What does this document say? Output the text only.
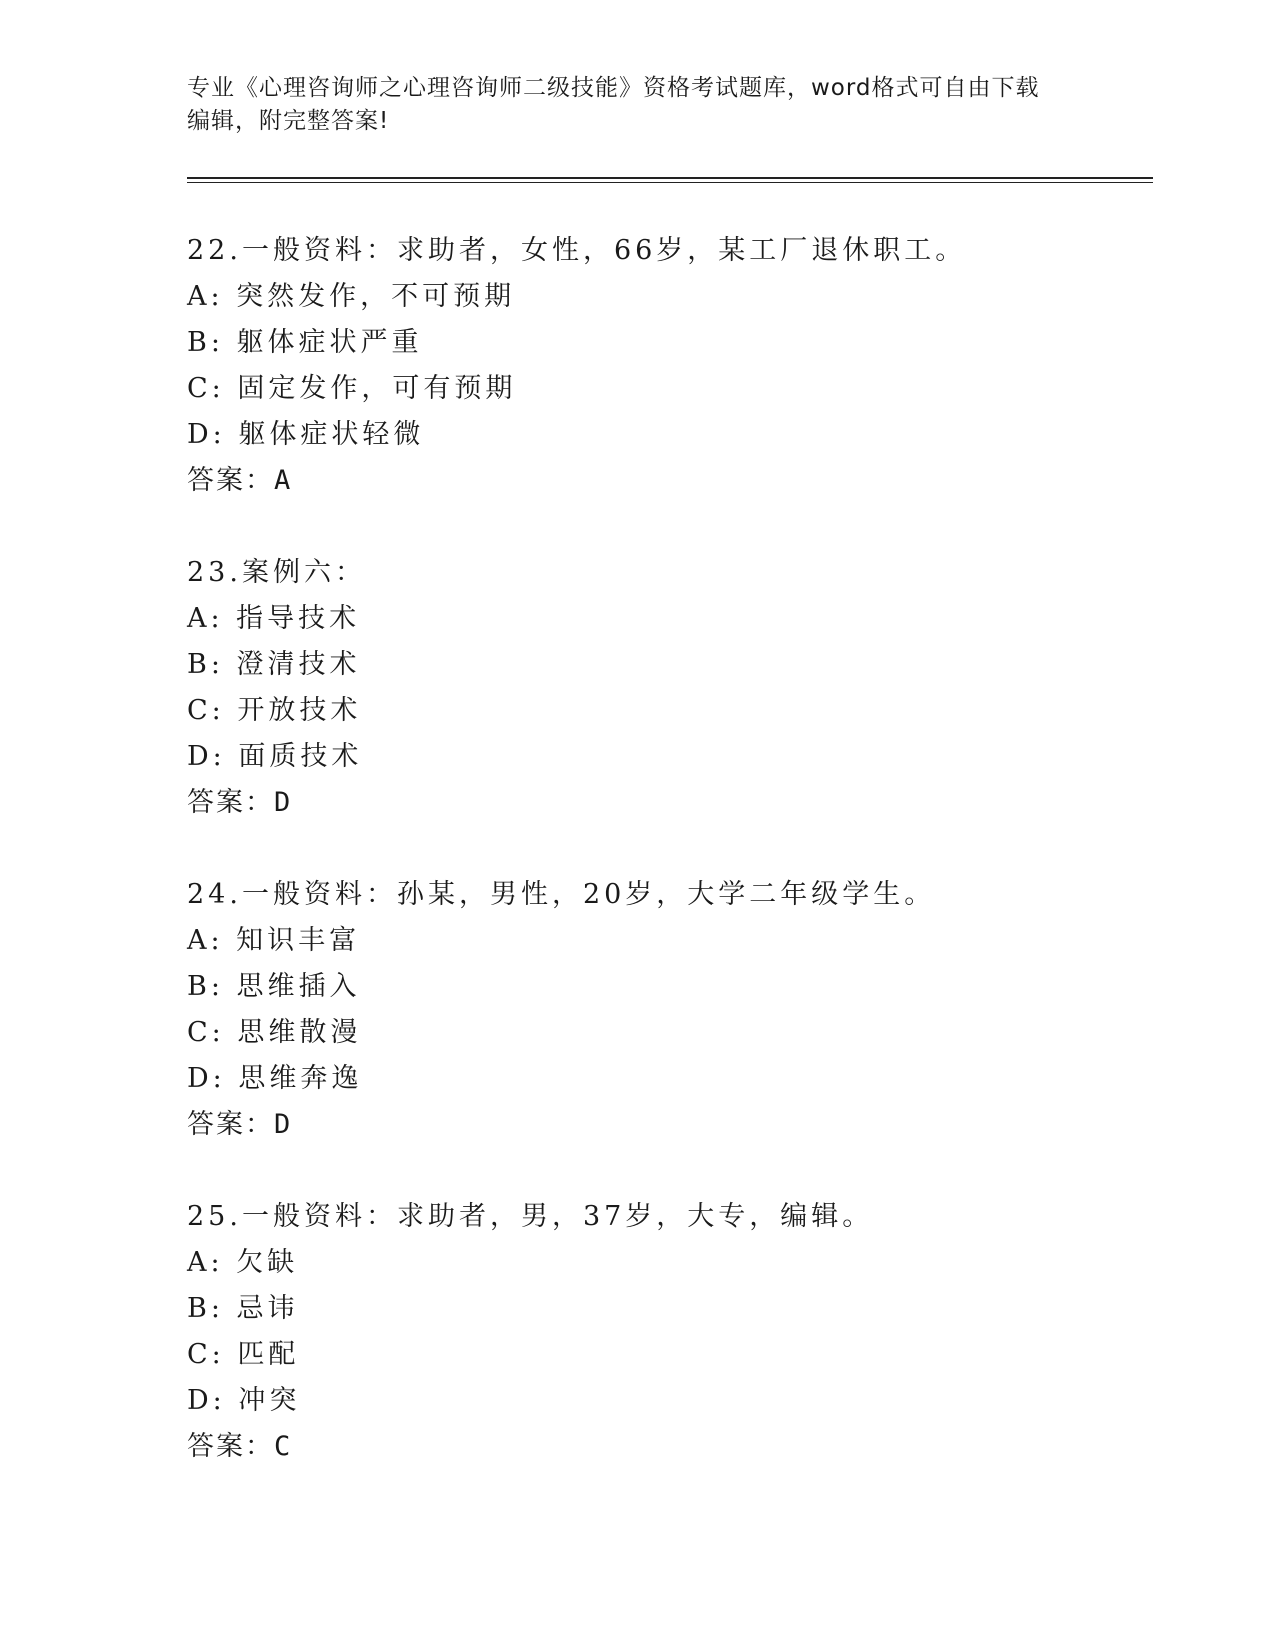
专业《心理咨询师之心理咨询师二级技能》资格考试题库，word格式可自由下载
编辑，附完整答案!
22.一般资料：求助者，女性，66岁，某工厂退休职工。
A: 突然发作，不可预期
B: 躯体症状严重
C: 固定发作，可有预期
D: 躯体症状轻微
答案：A
23.案例六：
A: 指导技术
B: 澄清技术
C: 开放技术
D: 面质技术
答案：D
24.一般资料：孙某，男性，20岁，大学二年级学生。
A: 知识丰富
B: 思维插入
C: 思维散漫
D: 思维奔逸
答案：D
25.一般资料：求助者，男，37岁，大专，编辑。
A: 欠缺
B: 忌讳
C: 匹配
D: 冲突
答案：C
